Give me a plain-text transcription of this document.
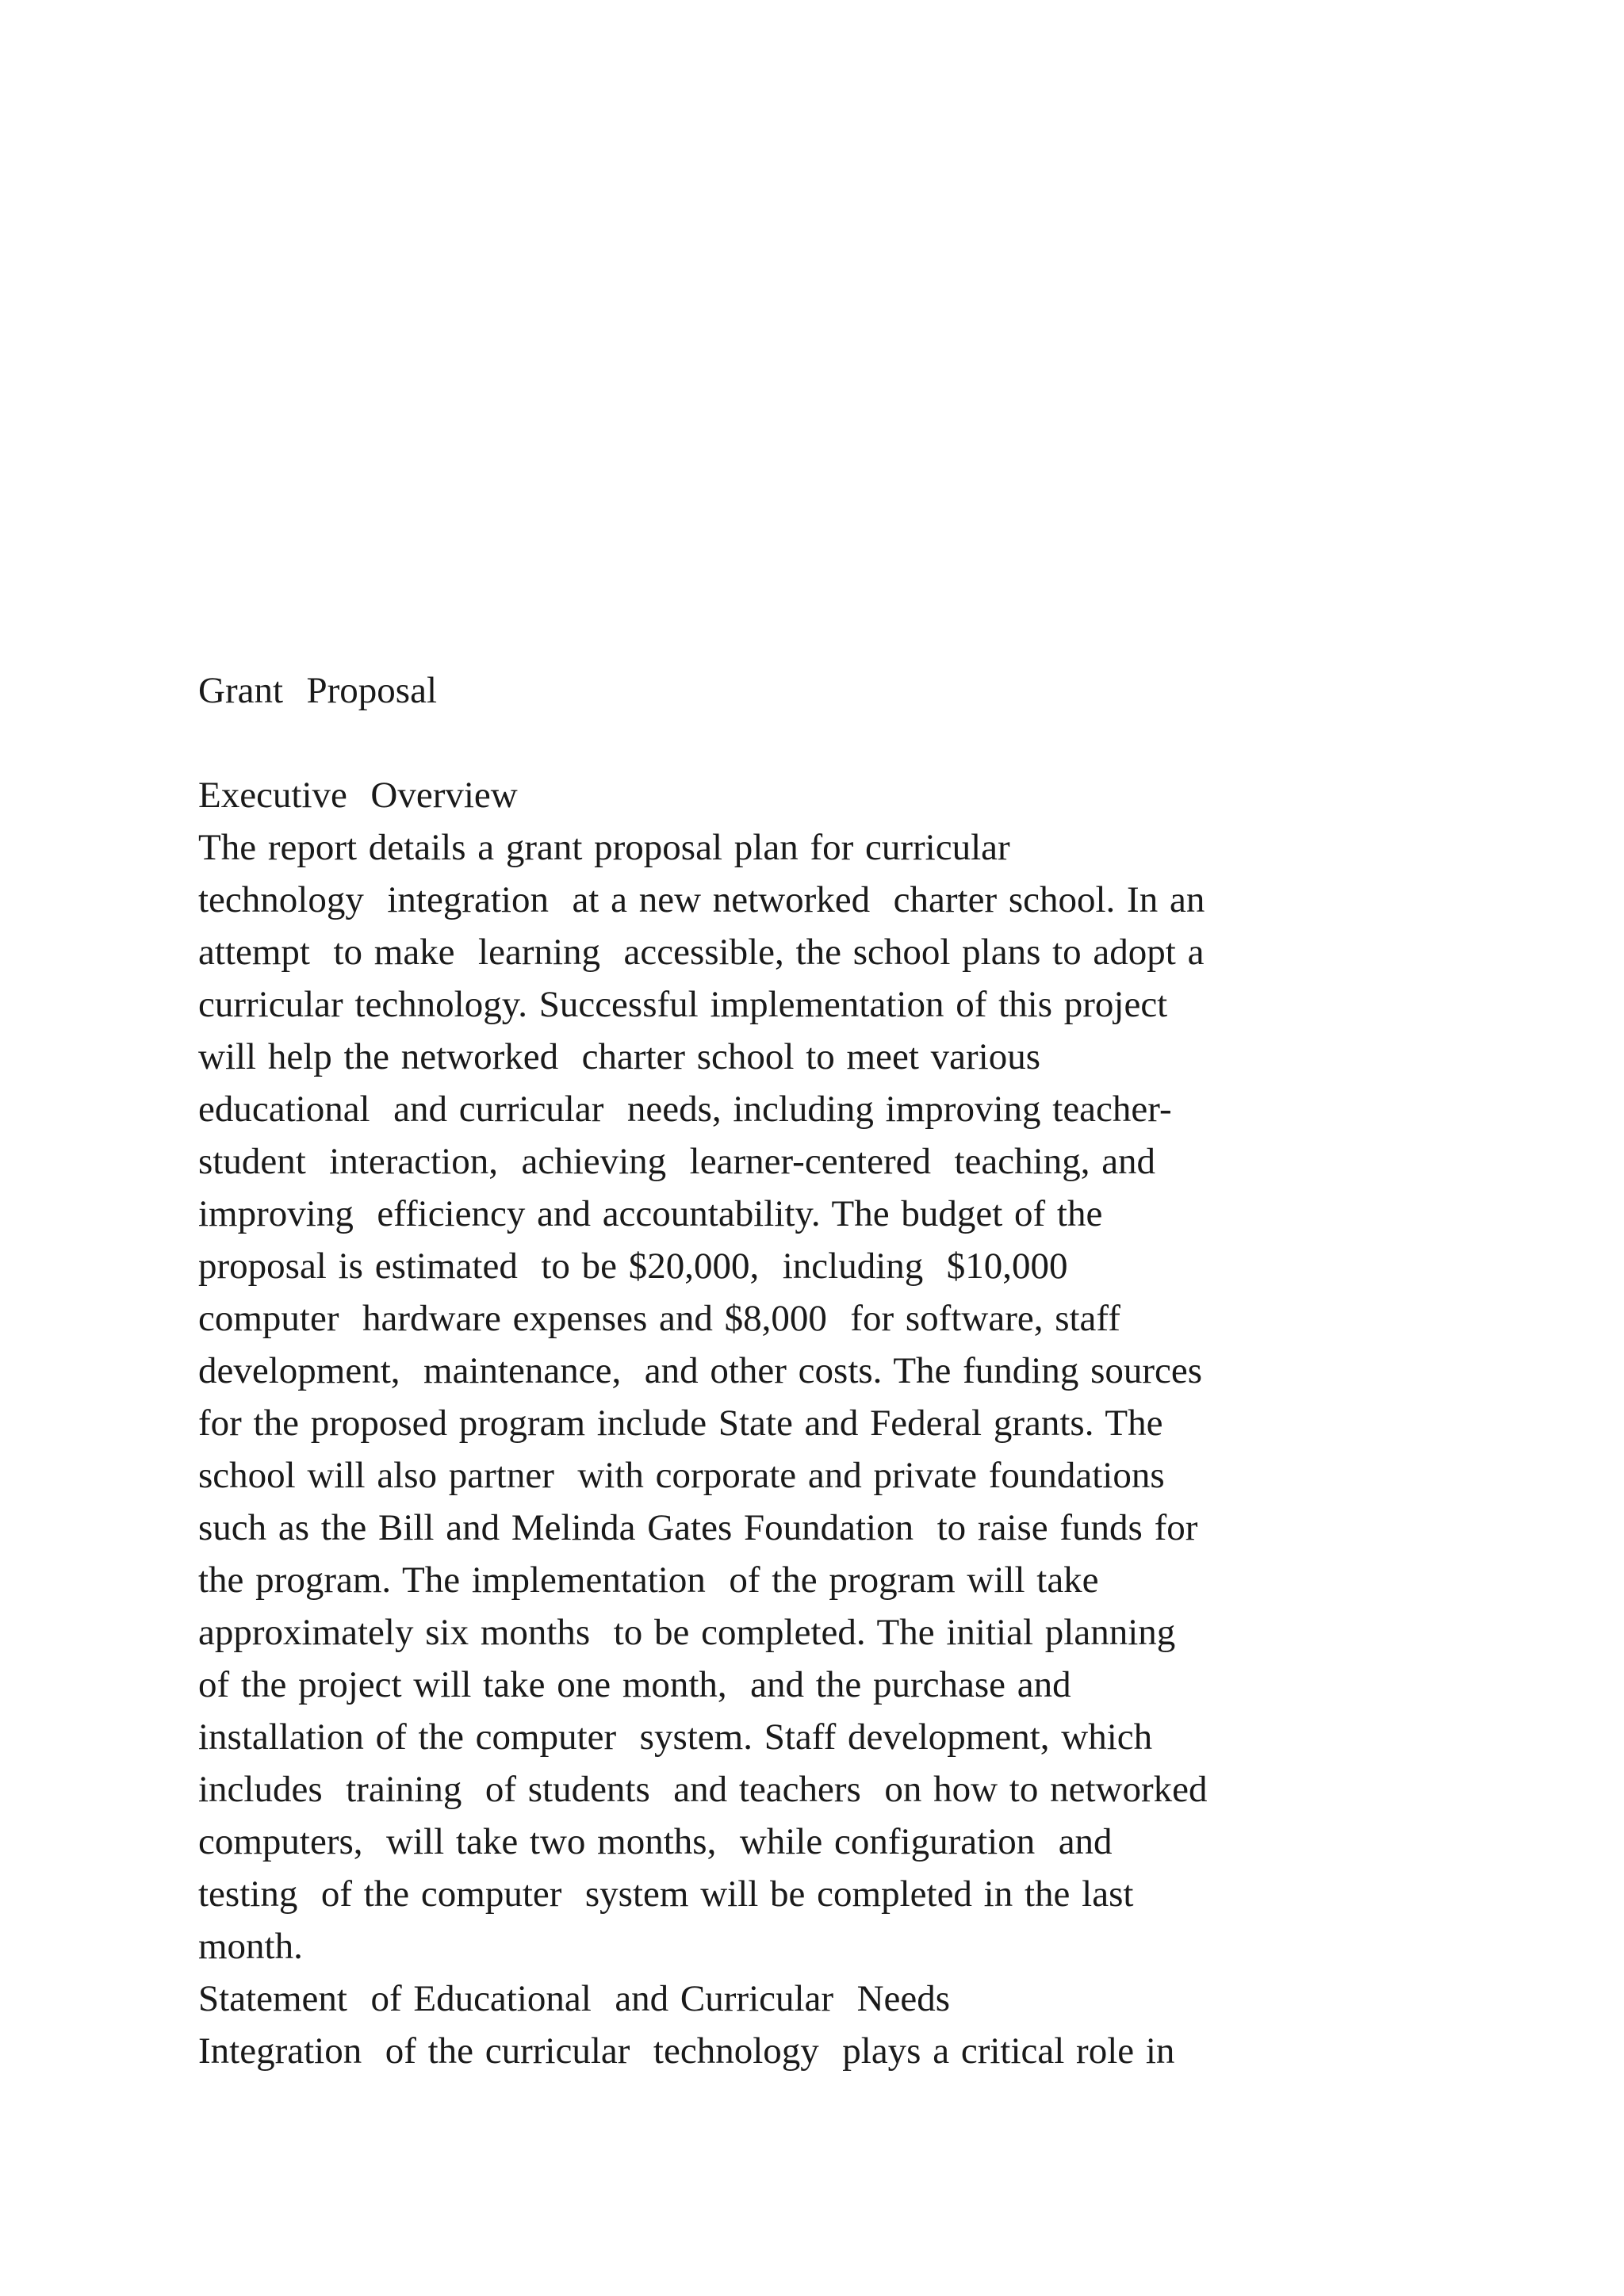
Grant  Proposal
Executive  Overview
The report details a grant proposal plan for curricular
technology  integration  at a new networked  charter school. In an
attempt  to make  learning  accessible, the school plans to adopt a
curricular technology. Successful implementation of this project
will help the networked  charter school to meet various
educational  and curricular  needs, including improving teacher-
student  interaction,  achieving  learner-centered  teaching, and
improving  efficiency and accountability. The budget of the
proposal is estimated  to be $20,000,  including  $10,000
computer  hardware expenses and $8,000  for software, staff
development,  maintenance,  and other costs. The funding sources
for the proposed program include State and Federal grants. The
school will also partner  with corporate and private foundations
such as the Bill and Melinda Gates Foundation  to raise funds for
the program. The implementation  of the program will take
approximately six months  to be completed. The initial planning
of the project will take one month,  and the purchase and
installation of the computer  system. Staff development, which
includes  training  of students  and teachers  on how to networked
computers,  will take two months,  while configuration  and
testing  of the computer  system will be completed in the last
month.
Statement  of Educational  and Curricular  Needs
Integration  of the curricular  technology  plays a critical role in
